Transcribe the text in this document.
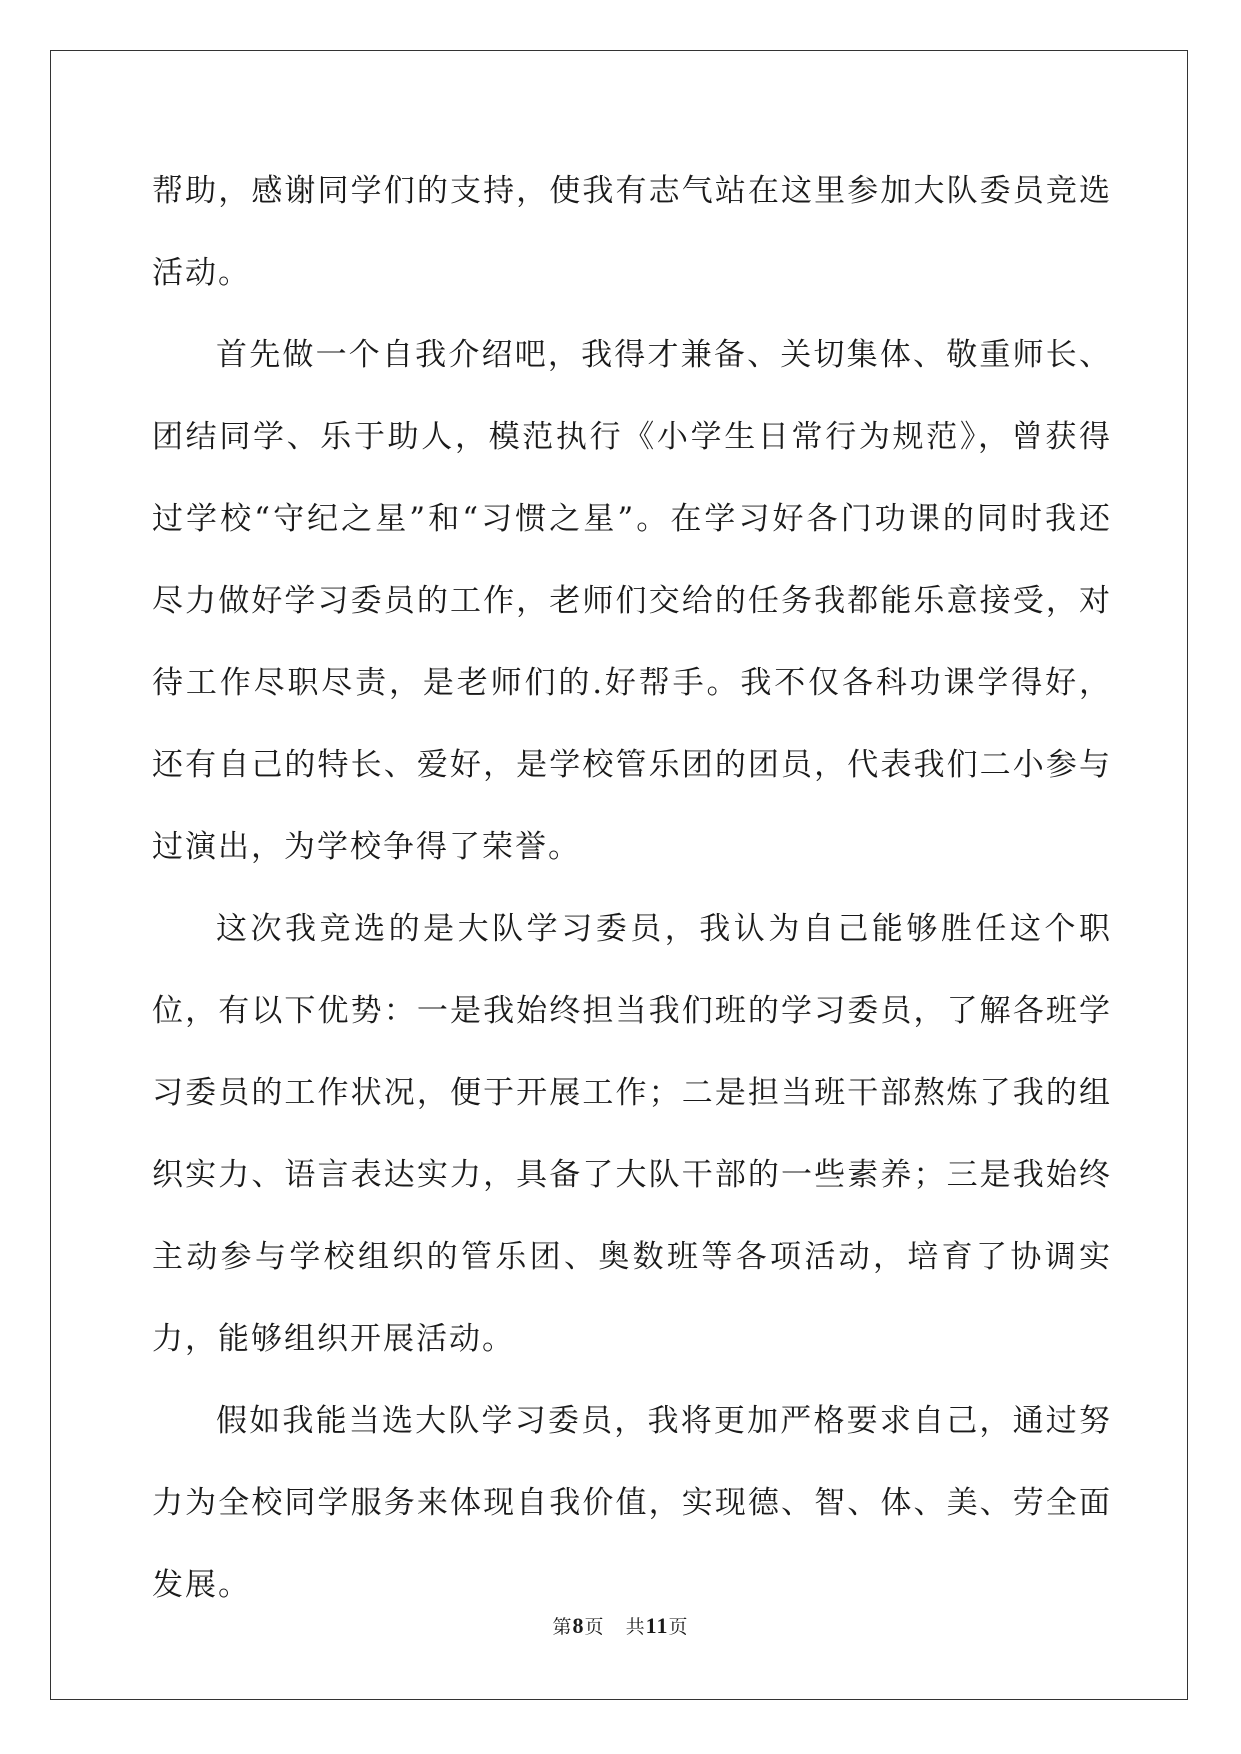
帮助，感谢同学们的支持，使我有志气站在这里参加大队委员竞选活动。

首先做一个自我介绍吧，我得才兼备、关切集体、敬重师长、团结同学、乐于助人，模范执行《小学生日常行为规范》，曾获得过学校“守纪之星”和“习惯之星”。在学习好各门功课的同时我还尽力做好学习委员的工作，老师们交给的任务我都能乐意接受，对待工作尽职尽责，是老师们的.好帮手。我不仅各科功课学得好，还有自己的特长、爱好，是学校管乐团的团员，代表我们二小参与过演出，为学校争得了荣誉。

这次我竞选的是大队学习委员，我认为自己能够胜任这个职位，有以下优势：一是我始终担当我们班的学习委员，了解各班学习委员的工作状况，便于开展工作；二是担当班干部熬炼了我的组织实力、语言表达实力，具备了大队干部的一些素养；三是我始终主动参与学校组织的管乐团、奥数班等各项活动，培育了协调实力，能够组织开展活动。

假如我能当选大队学习委员，我将更加严格要求自己，通过努力为全校同学服务来体现自我价值，实现德、智、体、美、劳全面发展。

第8页 共11页
